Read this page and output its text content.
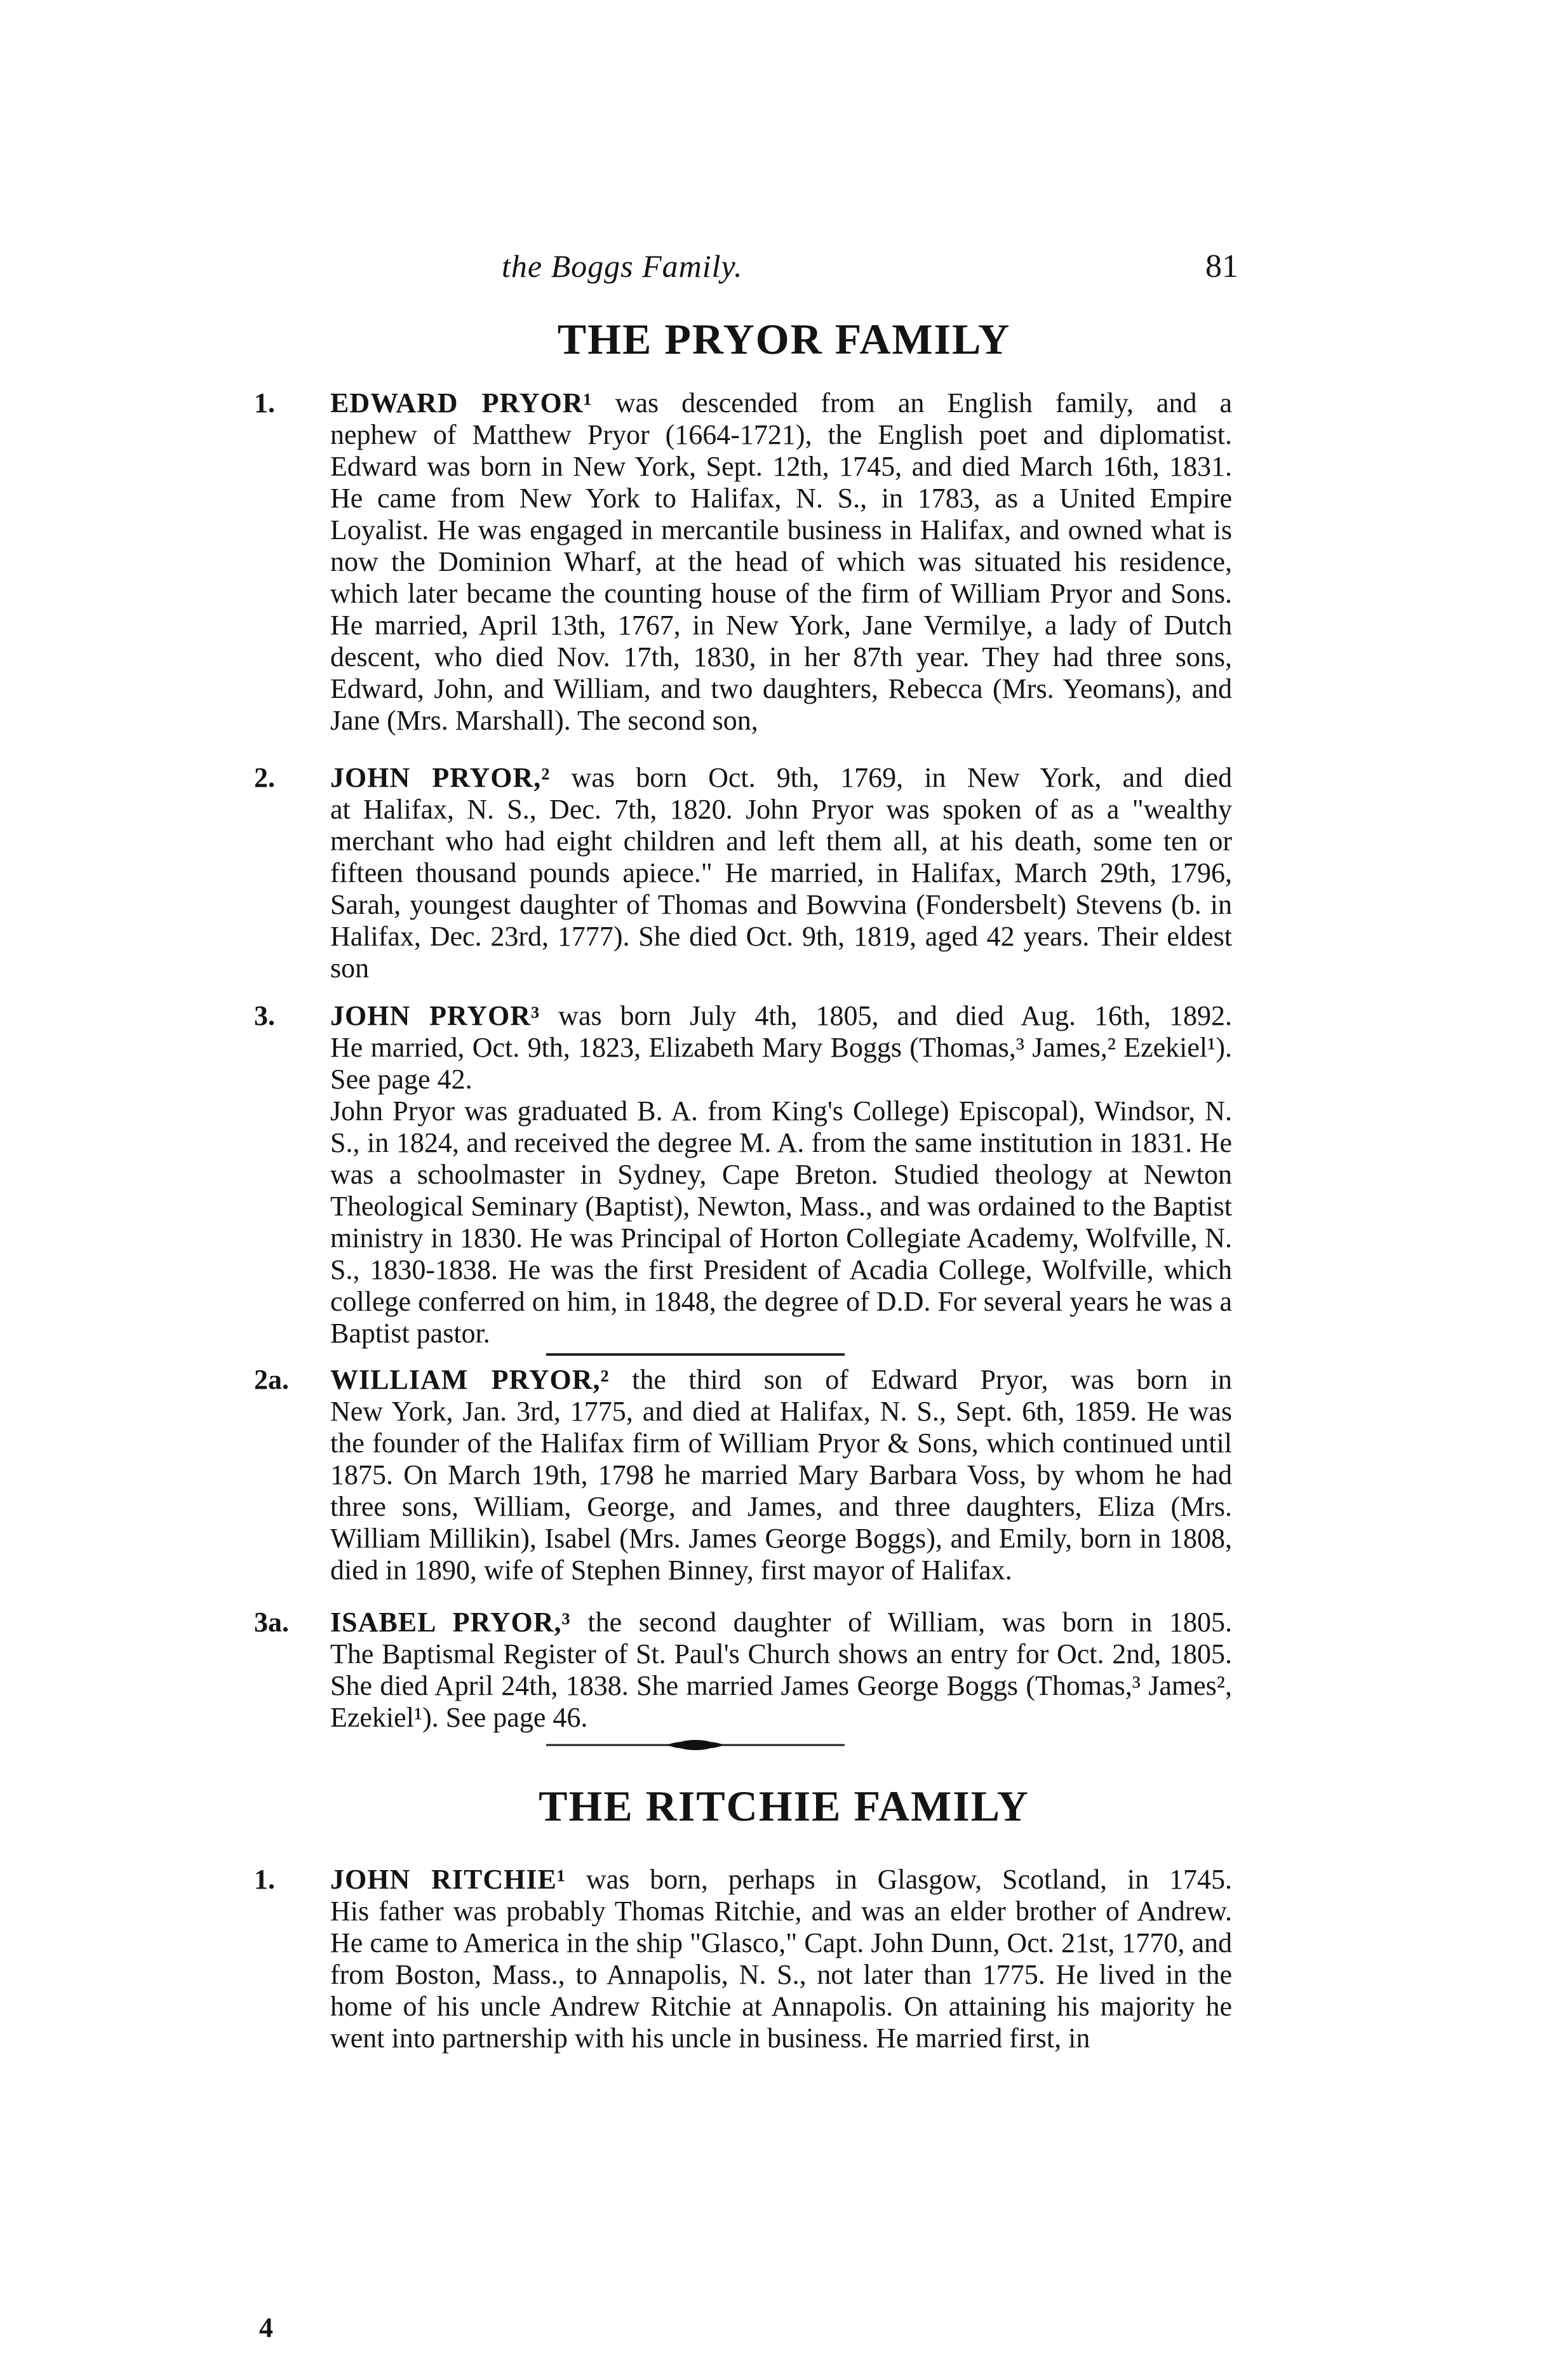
the Boggs Family.	81
THE PRYOR FAMILY
1.	EDWARD PRYOR¹ was descended from an English family, and a

nephew of Matthew Pryor (1664-1721), the English poet and diplomatist. Edward was born in New York, Sept. 12th, 1745, and died March 16th, 1831. He came from New York to Halifax, N. S., in 1783, as a United Empire Loyalist. He was engaged in mercantile business in Halifax, and owned what is now the Dominion Wharf, at the head of which was situated his residence, which later became the counting house of the firm of William Pryor and Sons. He married, April 13th, 1767, in New York, Jane Vermilye, a lady of Dutch descent, who died Nov. 17th, 1830, in her 87th year. They had three sons, Edward, John, and William, and two daughters, Rebecca (Mrs. Yeomans), and Jane (Mrs. Marshall). The second son,

2.	JOHN PRYOR,² was born Oct. 9th, 1769, in New York, and died

at Halifax, N. S., Dec. 7th, 1820. John Pryor was spoken of as a "wealthy merchant who had eight children and left them all, at his death, some ten or fifteen thousand pounds apiece." He married, in Halifax, March 29th, 1796, Sarah, youngest daughter of Thomas and Bowvina (Fondersbelt) Stevens (b. in Halifax, Dec. 23rd, 1777). She died Oct. 9th, 1819, aged 42 years. Their eldest son

3.	JOHN PRYOR³ was born July 4th, 1805, and died Aug. 16th, 1892.

He married, Oct. 9th, 1823, Elizabeth Mary Boggs (Thomas,³ James,² Ezekiel¹). See page 42.

John Pryor was graduated B. A. from King's College) Episcopal), Windsor, N. S., in 1824, and received the degree M. A. from the same institution in 1831. He was a schoolmaster in Sydney, Cape Breton. Studied theology at Newton Theological Seminary (Baptist), Newton, Mass., and was ordained to the Baptist ministry in 1830. He was Principal of Horton Collegiate Academy, Wolfville, N. S., 1830-1838. He was the first President of Acadia College, Wolfville, which college conferred on him, in 1848, the degree of D.D. For several years he was a Baptist pastor.

2a.	WILLIAM PRYOR,² the third son of Edward Pryor, was born in

New York, Jan. 3rd, 1775, and died at Halifax, N. S., Sept. 6th, 1859. He was the founder of the Halifax firm of William Pryor & Sons, which continued until 1875. On March 19th, 1798 he married Mary Barbara Voss, by whom he had three sons, William, George, and James, and three daughters, Eliza (Mrs. William Millikin), Isabel (Mrs. James George Boggs), and Emily, born in 1808, died in 1890, wife of Stephen Binney, first mayor of Halifax.

3a.	ISABEL PRYOR,³ the second daughter of William, was born in 1805.

The Baptismal Register of St. Paul's Church shows an entry for Oct. 2nd, 1805. She died April 24th, 1838. She married James George Boggs (Thomas,³ James², Ezekiel¹). See page 46.

THE RITCHIE FAMILY
1.	JOHN RITCHIE¹ was born, perhaps in Glasgow, Scotland, in 1745.

His father was probably Thomas Ritchie, and was an elder brother of Andrew. He came to America in the ship "Glasco," Capt. John Dunn, Oct. 21st, 1770, and from Boston, Mass., to Annapolis, N. S., not later than 1775. He lived in the home of his uncle Andrew Ritchie at Annapolis. On attaining his majority he went into partnership with his uncle in business. He married first, in

4
